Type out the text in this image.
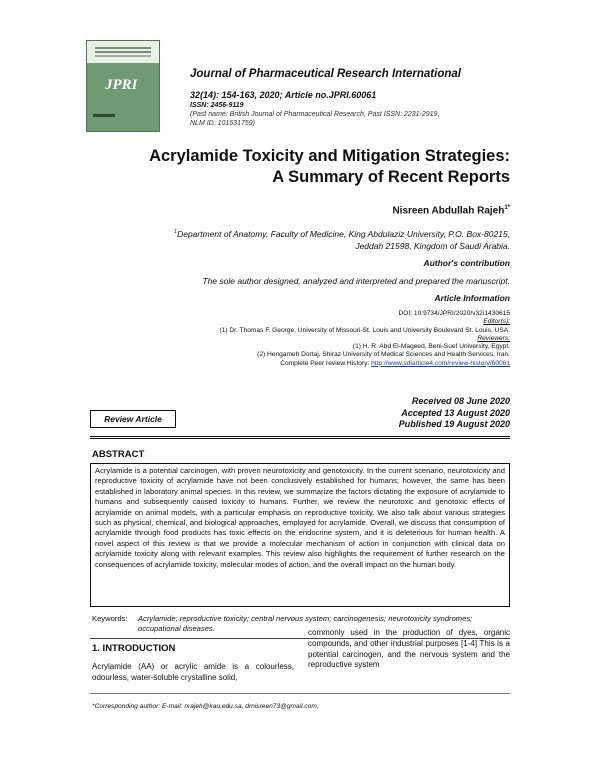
JPRI
Journal of Pharmaceutical Research International
32(14): 154-163, 2020; Article no.JPRI.60061
ISSN: 2456-9119
(Past name: British Journal of Pharmaceutical Research, Past ISSN: 2231-2919,
NLM ID: 101631759)
Acrylamide Toxicity and Mitigation Strategies:
A Summary of Recent Reports
Nisreen Abdullah Rajeh$^{1*}$
$^1$Department of Anatomy, Faculty of Medicine, King Abdulaziz University, P.O. Box-80215,
Jeddah 21598, Kingdom of Saudi Arabia.
Author's contribution
The sole author designed, analyzed and interpreted and prepared the manuscript.
Article Information
DOI: 10.9734/JPRI/2020/v32i1430615
Editor(s):
(1) Dr. Thomas F. George, University of Missouri-St. Louis and University Boulevard St. Louis, USA.
Reviewers:
(1) H. R. Abd El-Mageed, Beni-Suef University, Egypt.
(2) Hengameh Dortaj, Shiraz University of Medical Sciences and Health Services, Iran.
Complete Peer review History: http://www.sdiarticle4.com/review-history/60061
Review Article
Received 08 June 2020
Accepted 13 August 2020
Published 19 August 2020
ABSTRACT
Acrylamide is a potential carcinogen, with proven neurotoxicity and genotoxicity. In the current scenario, neurotoxicity and reproductive toxicity of acrylamide have not been conclusively established for humans; however, the same has been established in laboratory animal species. In this review, we summarize the factors dictating the exposure of acrylamide to humans and subsequently caused toxicity to humans. Further, we review the neurotoxic and genotoxic effects of acrylamide on animal models, with a particular emphasis on reproductive toxicity. We also talk about various strategies such as physical, chemical, and biological approaches, employed for acrylamide. Overall, we discuss that consumption of acrylamide through food products has toxic effects on the endocrine system, and it is deleterious for human health. A novel aspect of this review is that we provide a molecular mechanism of action in conjunction with clinical data on acrylamide toxicity along with relevant examples. This review also highlights the requirement of further research on the consequences of acrylamide toxicity, molecular modes of action, and the overall impact on the human body.
Keywords: Acrylamide; reproductive toxicity; central nervous system; carcinogenesis; neurotoxicity syndromes; occupational diseases.
1. INTRODUCTION
Acrylamide (AA) or acrylic amide is a colourless, odourless, water-soluble crystalline solid,
commonly used in the production of dyes, organic compounds, and other industrial purposes [1-4] This is a potential carcinogen, and the nervous system and the reproductive system
*Corresponding author: E-mail: nrajeh@kau.edu.sa, drnisreen73@gmail.com;
